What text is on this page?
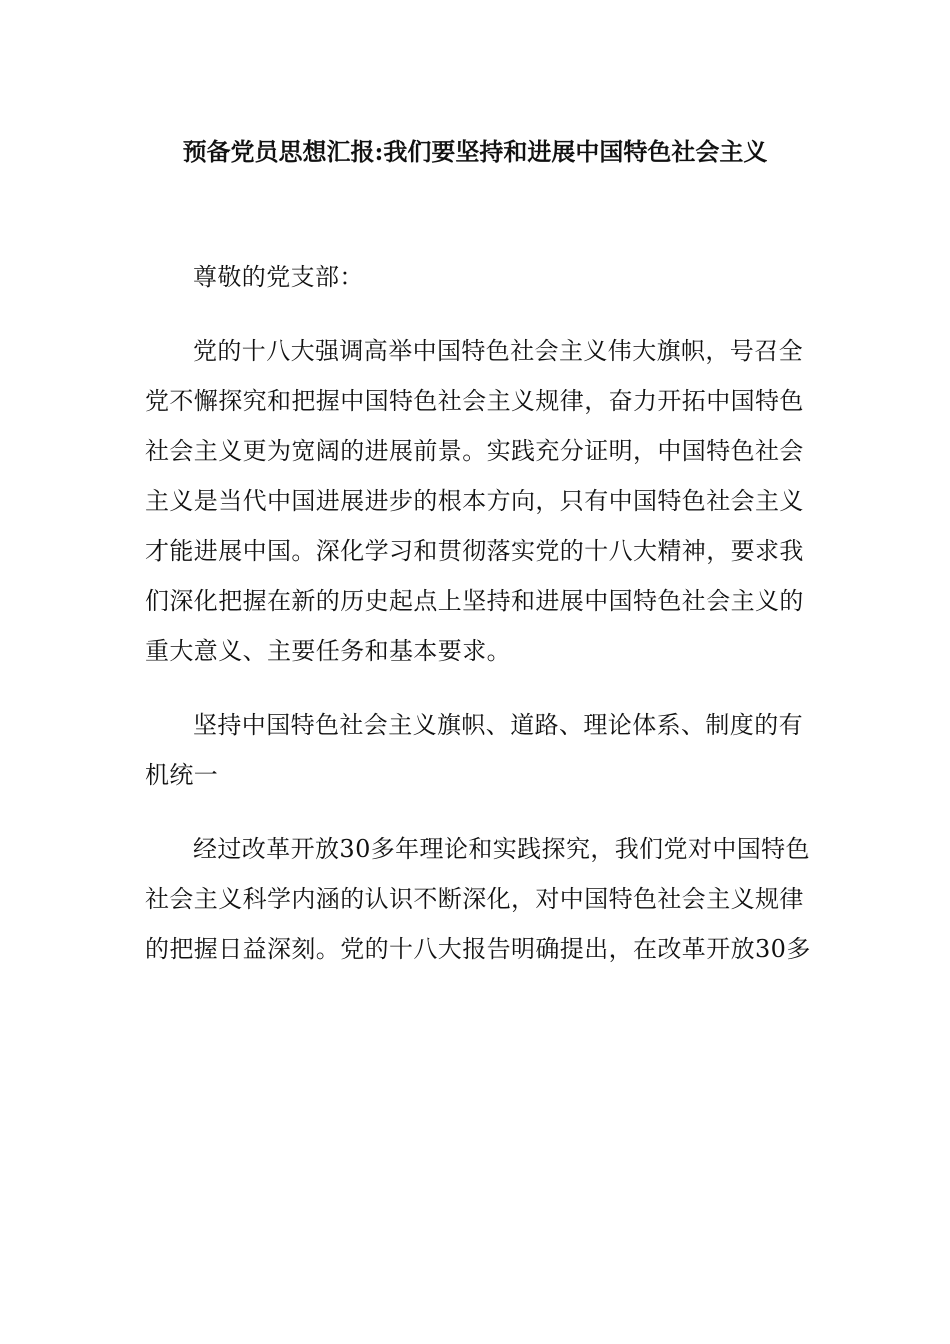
预备党员思想汇报:我们要坚持和进展中国特色社会主义

尊敬的党支部：

党的十八大强调高举中国特色社会主义伟大旗帜，号召全党不懈探究和把握中国特色社会主义规律，奋力开拓中国特色社会主义更为宽阔的进展前景。实践充分证明，中国特色社会主义是当代中国进展进步的根本方向，只有中国特色社会主义才能进展中国。深化学习和贯彻落实党的十八大精神，要求我们深化把握在新的历史起点上坚持和进展中国特色社会主义的重大意义、主要任务和基本要求。

坚持中国特色社会主义旗帜、道路、理论体系、制度的有机统一

经过改革开放30多年理论和实践探究，我们党对中国特色社会主义科学内涵的认识不断深化，对中国特色社会主义规律的把握日益深刻。党的十八大报告明确提出，在改革开放30多
